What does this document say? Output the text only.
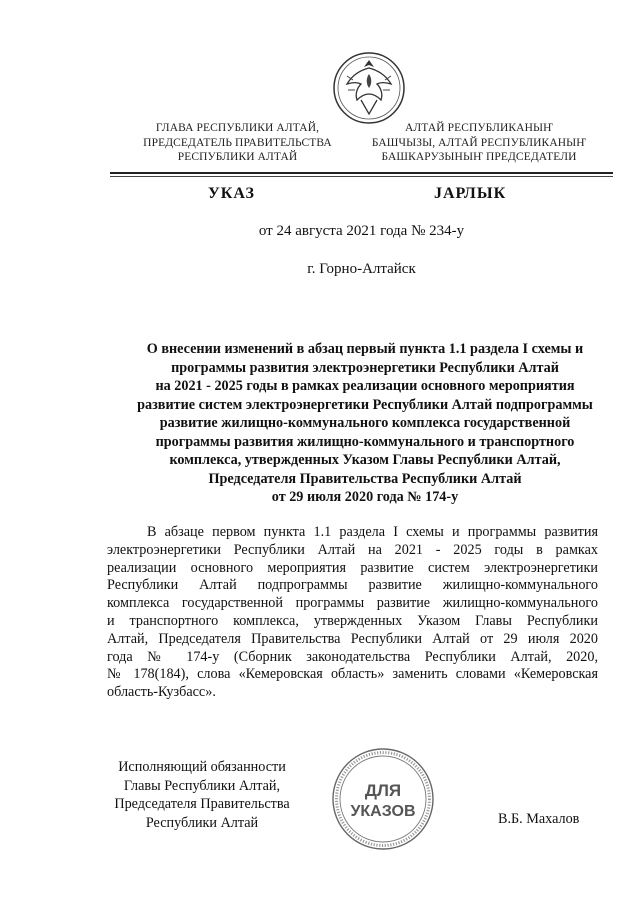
ГЛАВА РЕСПУБЛИКИ АЛТАЙ,
ПРЕДСЕДАТЕЛЬ ПРАВИТЕЛЬСТВА
РЕСПУБЛИКИ АЛТАЙ
АЛТАЙ РЕСПУБЛИКАНЫҤ
БАШЧЫЗЫ, АЛТАЙ РЕСПУБЛИКАНЫҤ
БАШКАРУЗЫНЫҤ ПРЕДСЕДАТЕЛИ
УКАЗ	JАРЛЫК
от 24 августа 2021 года № 234-у
г. Горно-Алтайск
О внесении изменений в абзац первый пункта 1.1 раздела I схемы и
программы развития электроэнергетики Республики Алтай
на 2021 - 2025 годы в рамках реализации основного мероприятия
развитие систем электроэнергетики Республики Алтай подпрограммы
развитие жилищно-коммунального комплекса государственной
программы развития жилищно-коммунального и транспортного
комплекса, утвержденных Указом Главы Республики Алтай,
Председателя Правительства Республики Алтай
от 29 июля 2020 года № 174-у
В абзаце первом пункта 1.1 раздела I схемы и программы развития
электроэнергетики Республики Алтай на 2021 - 2025 годы в рамках
реализации основного мероприятия развитие систем электроэнергетики
Республики Алтай подпрограммы развитие жилищно-коммунального
комплекса государственной программы развитие жилищно-коммунального
и транспортного комплекса, утвержденных Указом Главы Республики
Алтай, Председателя Правительства Республики Алтай от 29 июля 2020
года № 174-у (Сборник законодательства Республики Алтай, 2020,
№ 178(184), слова «Кемеровская область» заменить словами «Кемеровская
область-Кузбасс».
Исполняющий обязанности
Главы Республики Алтай,
Председателя Правительства
Республики Алтай
ДЛЯ
УКАЗОВ	В.Б. Махалов
